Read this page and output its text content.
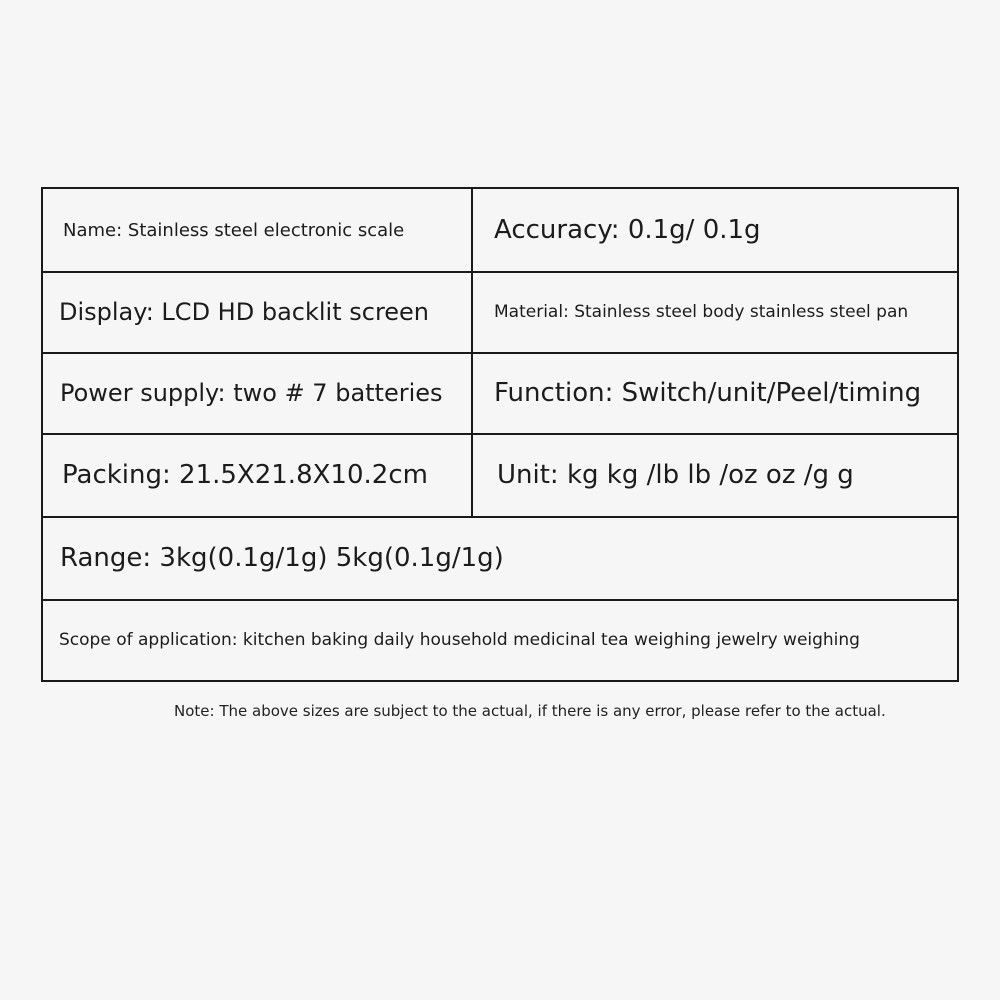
Name: Stainless steel electronic scale	Accuracy: 0.1g/ 0.1g
Display: LCD HD backlit screen	Material: Stainless steel body stainless steel pan
Power supply: two # 7 batteries	Function: Switch/unit/Peel/timing
Packing: 21.5X21.8X10.2cm	Unit: kg kg /lb lb /oz oz /g g
Range: 3kg(0.1g/1g) 5kg(0.1g/1g)
Scope of application: kitchen baking daily household medicinal tea weighing jewelry weighing
Note: The above sizes are subject to the actual, if there is any error, please refer to the actual.
